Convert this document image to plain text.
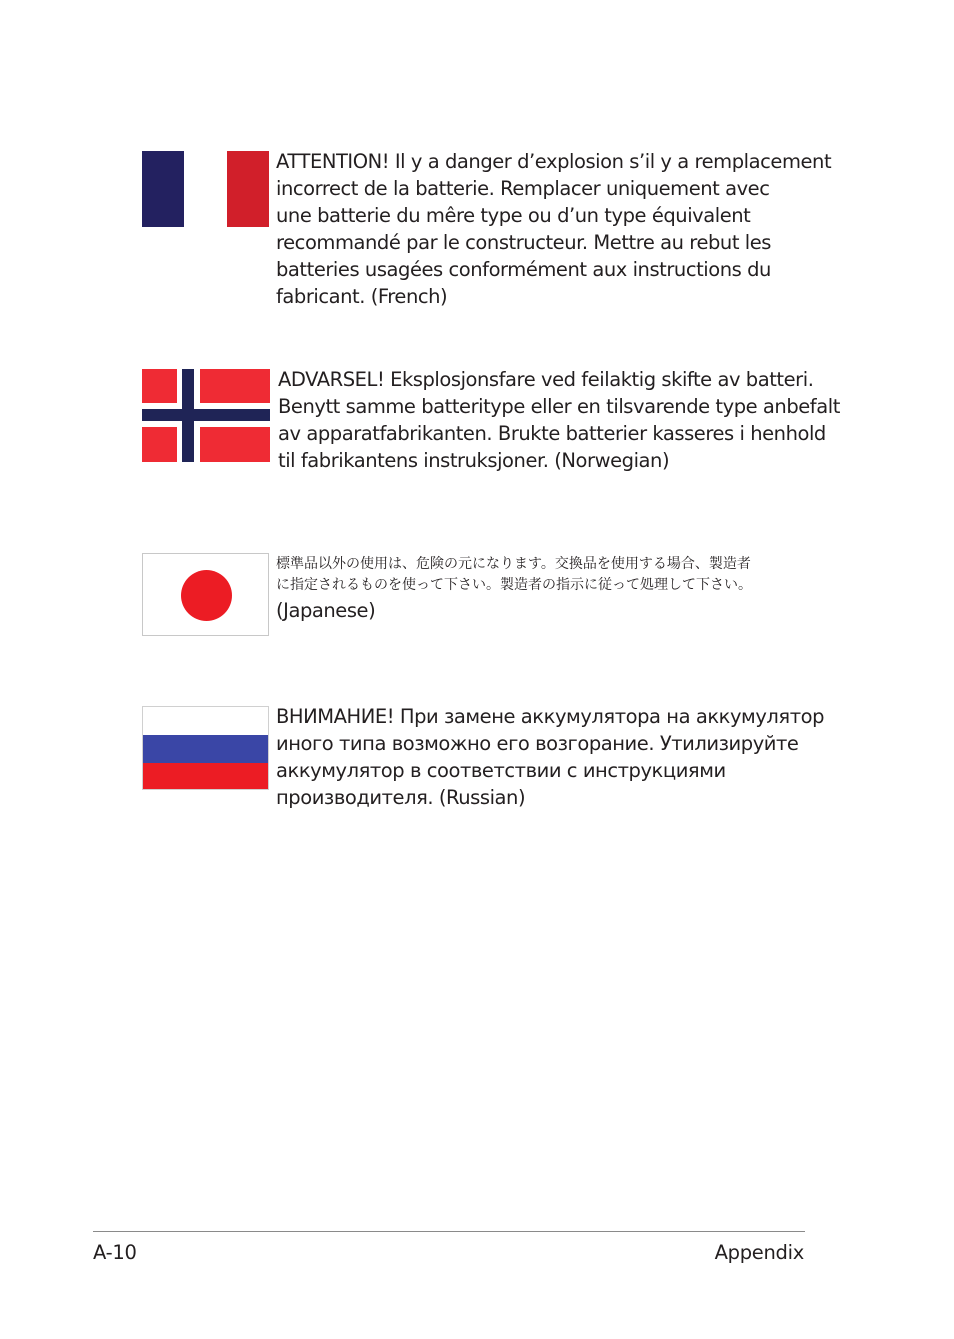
ATTENTION! Il y a danger d’explosion s’il y a remplacement
incorrect de la batterie. Remplacer uniquement avec
une batterie du mêre type ou d’un type équivalent
recommandé par le constructeur. Mettre au rebut les
batteries usagées conformément aux instructions du
fabricant. (French)
ADVARSEL! Eksplosjonsfare ved feilaktig skifte av batteri.
Benytt samme batteritype eller en tilsvarende type anbefalt
av apparatfabrikanten. Brukte batterier kasseres i henhold
til fabrikantens instruksjoner. (Norwegian)
標準品以外の使用は、危険の元になります。交換品を使用する場合、製造者
に指定されるものを使って下さい。製造者の指示に従って処理して下さい。
(Japanese)
ВНИМАНИЕ! При замене аккумулятора на аккумулятор
иного типа возможно его возгорание. Утилизируйте
аккумулятор в соответствии с инструкциями
производителя. (Russian)
A-10	Appendix
